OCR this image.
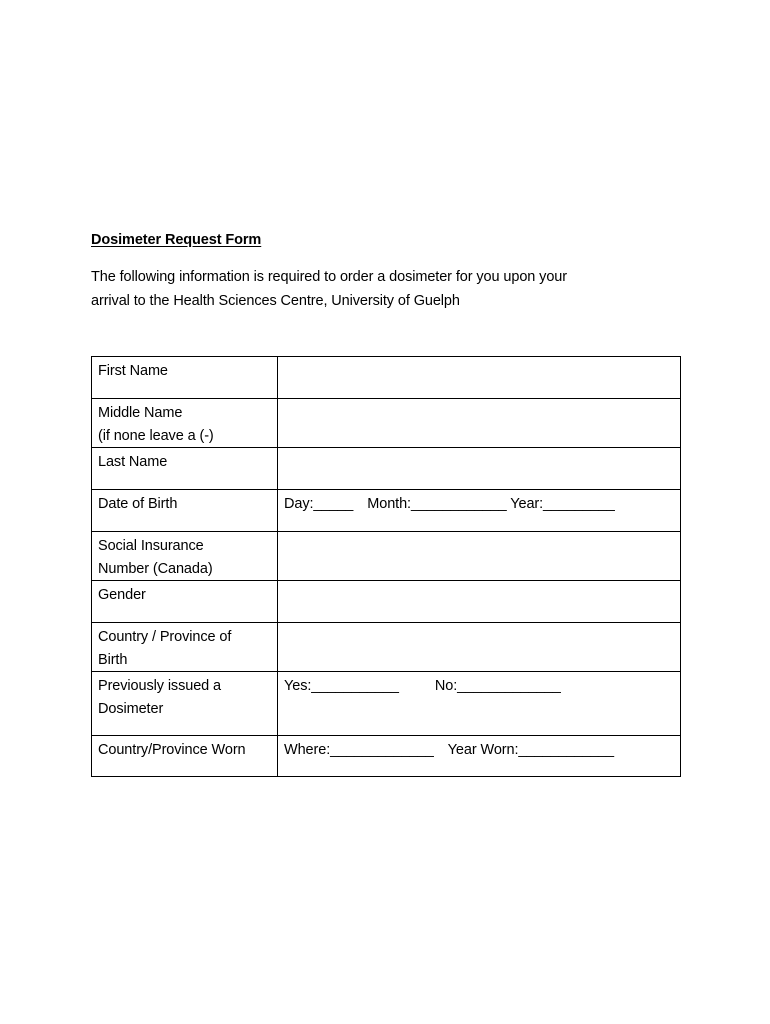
Dosimeter Request Form

The following information is required to order a dosimeter for you upon your

arrival to the Health Sciences Centre, University of Guelph

First Name	

Middle Name
(if none leave a (-)	

Last Name	
Date of Birth	Day:_____ Month:____________ Year:_________

Social Insurance
Number (Canada)	

Gender	

Country / Province of
Birth	

Previously issued a
Dosimeter	Yes:___________ No:_____________
Country/Province Worn	Where:_____________ Year Worn:____________
